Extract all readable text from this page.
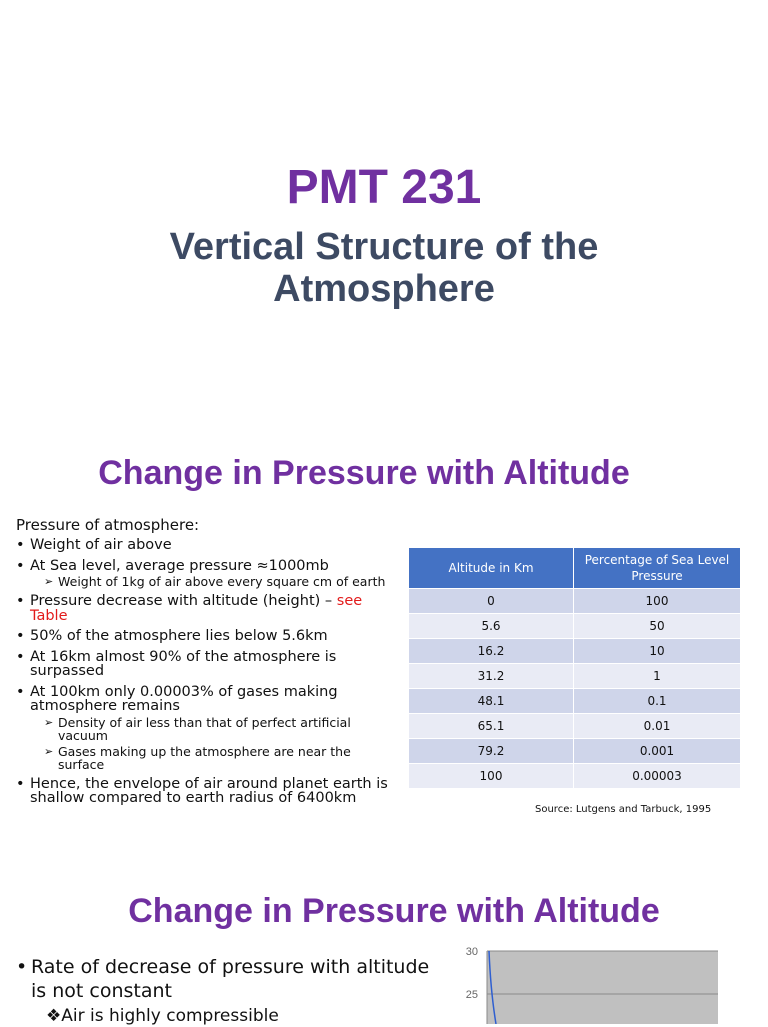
PMT 231
Vertical Structure of the Atmosphere
Change in Pressure with Altitude
Pressure of atmosphere:
• Weight of air above
• At Sea level, average pressure ≈1000mb
➢ Weight of 1kg of air above every square cm of earth
• Pressure decrease with altitude (height) – see Table
• 50% of the atmosphere lies below 5.6km
• At 16km almost 90% of the atmosphere is surpassed
• At 100km only 0.00003% of gases making atmosphere remains
➢ Density of air less than that of perfect artificial vacuum
➢ Gases making up the atmosphere are near the surface
• Hence, the envelope of air around planet earth is shallow compared to earth radius of 6400km
Altitude in Km	Percentage of Sea Level Pressure
0	100
5.6	50
16.2	10
31.2	1
48.1	0.1
65.1	0.01
79.2	0.001
100	0.00003
Source: Lutgens and Tarbuck, 1995
Change in Pressure with Altitude
• Rate of decrease of pressure with altitude is not constant
❖Air is highly compressible
30
25
